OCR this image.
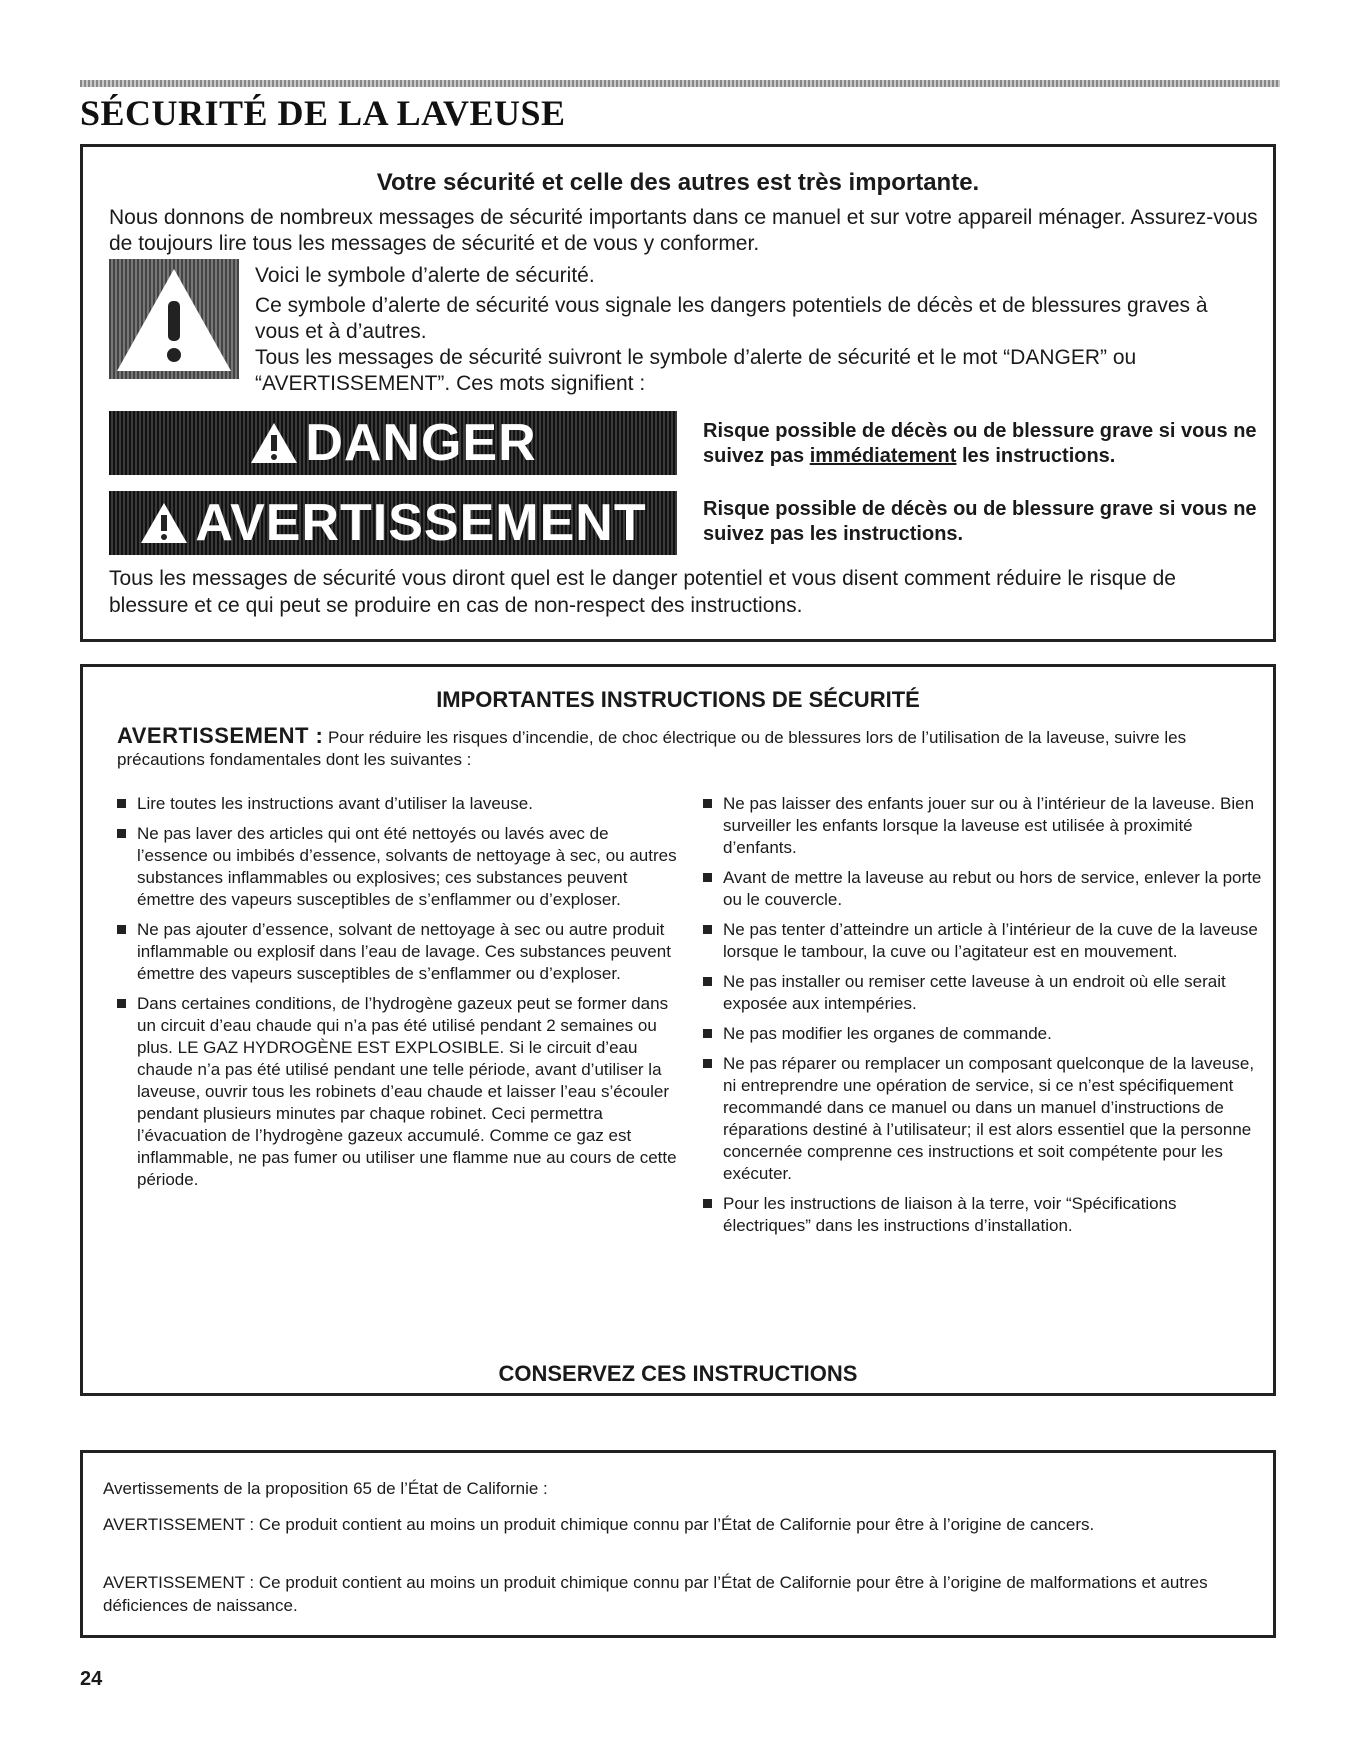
SÉCURITÉ DE LA LAVEUSE
Votre sécurité et celle des autres est très importante.

Nous donnons de nombreux messages de sécurité importants dans ce manuel et sur votre appareil ménager. Assurez-vous de toujours lire tous les messages de sécurité et de vous y conformer.

Voici le symbole d’alerte de sécurité.

Ce symbole d’alerte de sécurité vous signale les dangers potentiels de décès et de blessures graves à vous et à d’autres.

Tous les messages de sécurité suivront le symbole d’alerte de sécurité et le mot “DANGER” ou “AVERTISSEMENT”. Ces mots signifient :

DANGER	Risque possible de décès ou de blessure grave si vous ne suivez pas immédiatement les instructions.

AVERTISSEMENT	Risque possible de décès ou de blessure grave si vous ne suivez pas les instructions.

Tous les messages de sécurité vous diront quel est le danger potentiel et vous disent comment réduire le risque de blessure et ce qui peut se produire en cas de non-respect des instructions.

IMPORTANTES INSTRUCTIONS DE SÉCURITÉ

AVERTISSEMENT : Pour réduire les risques d’incendie, de choc électrique ou de blessures lors de l’utilisation de la laveuse, suivre les précautions fondamentales dont les suivantes :

Lire toutes les instructions avant d’utiliser la laveuse.
Ne pas laver des articles qui ont été nettoyés ou lavés avec de l’essence ou imbibés d’essence, solvants de nettoyage à sec, ou autres substances inflammables ou explosives; ces substances peuvent émettre des vapeurs susceptibles de s’enflammer ou d’exploser.
Ne pas ajouter d’essence, solvant de nettoyage à sec ou autre produit inflammable ou explosif dans l’eau de lavage. Ces substances peuvent émettre des vapeurs susceptibles de s’enflammer ou d’exploser.
Dans certaines conditions, de l’hydrogène gazeux peut se former dans un circuit d’eau chaude qui n’a pas été utilisé pendant 2 semaines ou plus. LE GAZ HYDROGÈNE EST EXPLOSIBLE. Si le circuit d’eau chaude n’a pas été utilisé pendant une telle période, avant d’utiliser la laveuse, ouvrir tous les robinets d’eau chaude et laisser l’eau s’écouler pendant plusieurs minutes par chaque robinet. Ceci permettra l’évacuation de l’hydrogène gazeux accumulé. Comme ce gaz est inflammable, ne pas fumer ou utiliser une flamme nue au cours de cette période.
Ne pas laisser des enfants jouer sur ou à l’intérieur de la laveuse. Bien surveiller les enfants lorsque la laveuse est utilisée à proximité d’enfants.
Avant de mettre la laveuse au rebut ou hors de service, enlever la porte ou le couvercle.
Ne pas tenter d’atteindre un article à l’intérieur de la cuve de la laveuse lorsque le tambour, la cuve ou l’agitateur est en mouvement.
Ne pas installer ou remiser cette laveuse à un endroit où elle serait exposée aux intempéries.
Ne pas modifier les organes de commande.
Ne pas réparer ou remplacer un composant quelconque de la laveuse, ni entreprendre une opération de service, si ce n’est spécifiquement recommandé dans ce manuel ou dans un manuel d’instructions de réparations destiné à l’utilisateur; il est alors essentiel que la personne concernée comprenne ces instructions et soit compétente pour les exécuter.
Pour les instructions de liaison à la terre, voir “Spécifications électriques” dans les instructions d’installation.

CONSERVEZ CES INSTRUCTIONS

Avertissements de la proposition 65 de l’État de Californie :

AVERTISSEMENT : Ce produit contient au moins un produit chimique connu par l’État de Californie pour être à l’origine de cancers.

AVERTISSEMENT : Ce produit contient au moins un produit chimique connu par l’État de Californie pour être à l’origine de malformations et autres déficiences de naissance.

24
